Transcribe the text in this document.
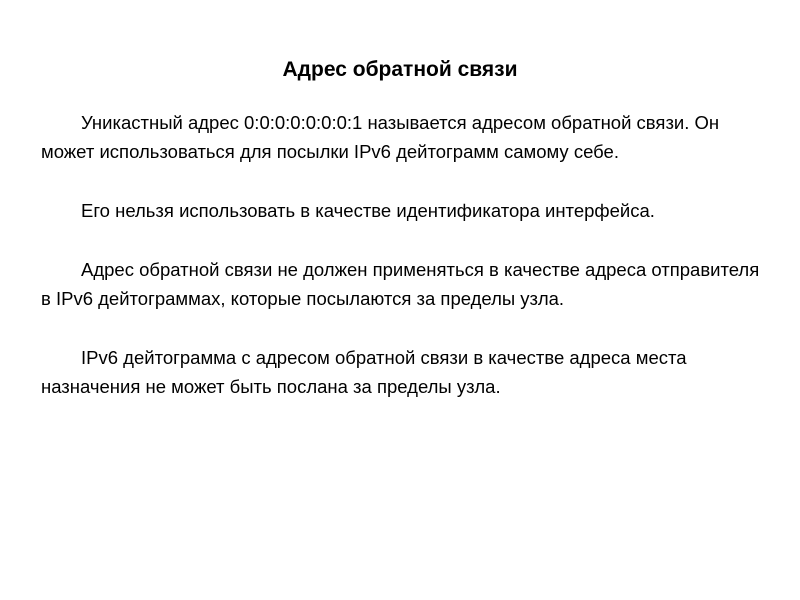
Адрес обратной связи

Уникастный адрес 0:0:0:0:0:0:0:1 называется адресом обратной связи. Он может использоваться для посылки IPv6 дейтограмм самому себе.

Его нельзя использовать в качестве идентификатора интерфейса.

Адрес обратной связи не должен применяться в качестве адреса отправителя в IPv6 дейтограммах, которые посылаются за пределы узла.

IPv6 дейтограмма с адресом обратной связи в качестве адреса места назначения не может быть послана за пределы узла.
